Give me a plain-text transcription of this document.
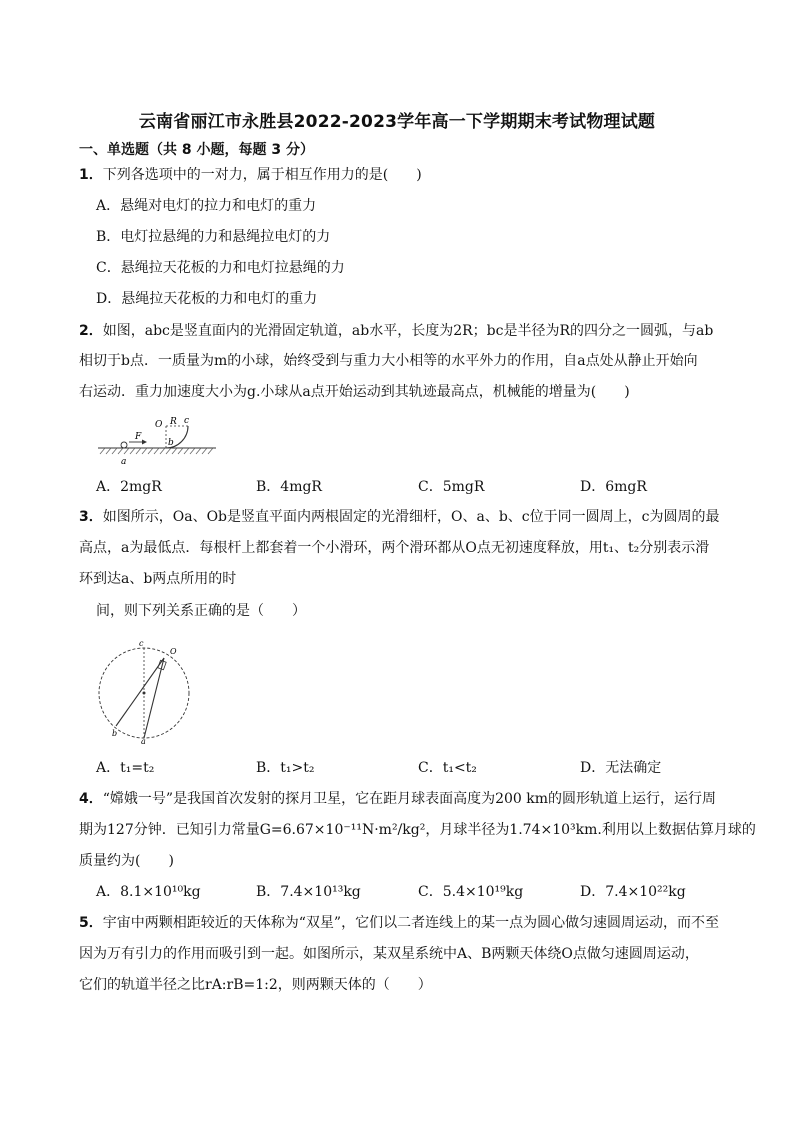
云南省丽江市永胜县2022-2023学年高一下学期期末考试物理试题
一、单选题（共 8 小题，每题 3 分）
1．下列各选项中的一对力，属于相互作用力的是(　　)
A．悬绳对电灯的拉力和电灯的重力
B．电灯拉悬绳的力和悬绳拉电灯的力
C．悬绳拉天花板的力和电灯拉悬绳的力
D．悬绳拉天花板的力和电灯的重力
2．如图，abc是竖直面内的光滑固定轨道，ab水平，长度为2R；bc是半径为R的四分之一圆弧，与ab
相切于b点．一质量为m的小球，始终受到与重力大小相等的水平外力的作用，自a点处从静止开始向
右运动．重力加速度大小为g.小球从a点开始运动到其轨迹最高点，机械能的增量为(　　)
O R c
F
b
a
A．2mgR	B．4mgR	C．5mgR	D．6mgR
3．如图所示，Oa、Ob是竖直平面内两根固定的光滑细杆，O、a、b、c位于同一圆周上，c为圆周的最
高点，a为最低点．每根杆上都套着一个小滑环，两个滑环都从O点无初速度释放，用t₁、t₂分别表示滑
环到达a、b两点所用的时
间，则下列关系正确的是（　　）
c
O
b
a
A．t₁=t₂	B．t₁>t₂	C．t₁<t₂	D．无法确定
4．“嫦娥一号”是我国首次发射的探月卫星，它在距月球表面高度为200 km的圆形轨道上运行，运行周
期为127分钟．已知引力常量G=6.67×10⁻¹¹N·m²/kg²，月球半径为1.74×10³km.利用以上数据估算月球的
质量约为(　　)
A．8.1×10¹⁰kg	B．7.4×10¹³kg	C．5.4×10¹⁹kg	D．7.4×10²²kg
5．宇宙中两颗相距较近的天体称为“双星”，它们以二者连线上的某一点为圆心做匀速圆周运动，而不至
因为万有引力的作用而吸引到一起。如图所示，某双星系统中A、B两颗天体绕O点做匀速圆周运动，
它们的轨道半径之比rA:rB=1:2，则两颗天体的（　　）
